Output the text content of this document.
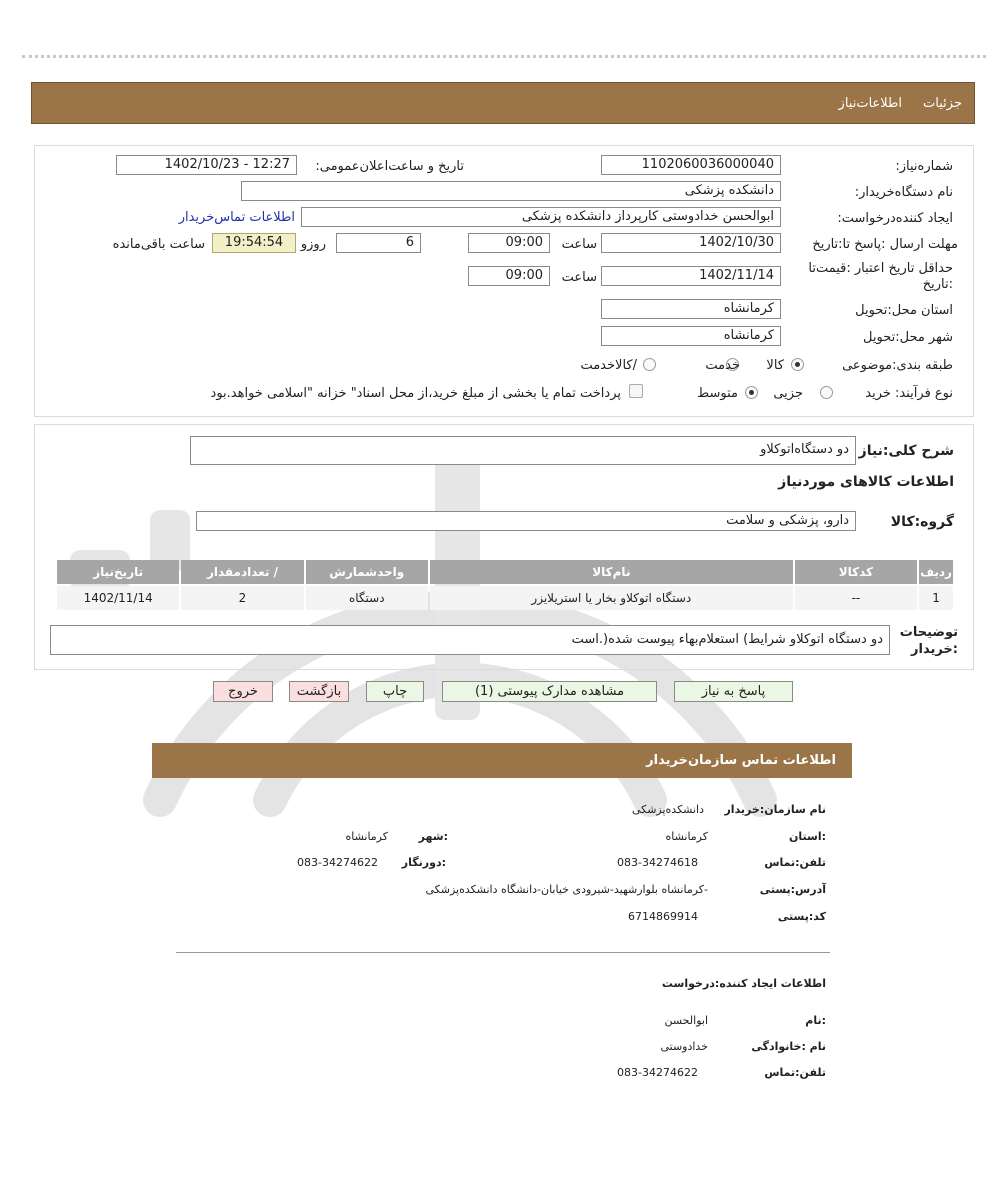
جزئیات
اطلاعات‌نیاز
شماره‌نیاز:
1102060036000040
تاریخ و ساعت‌اعلان‌عمومی:
1402/10/23 - 12:27
نام دستگاه‌خریدار:
دانشکده پزشکی
ایجاد کننده‌درخواست:
ابوالحسن خدادوستی کارپرداز دانشکده پزشکی
اطلاعات تماس‌خریدار
مهلت ارسال :پاسخ تا:تاریخ
1402/10/30
ساعت
09:00
6
روزو
19:54:54
ساعت باقی‌مانده
حداقل تاریخ اعتبار :قیمت‌تا :تاریخ
1402/11/14
ساعت
09:00
استان محل:تحویل
کرمانشاه
شهر محل:تحویل
کرمانشاه
طبقه بندی:موضوعی
کالا
خدمت
/کالاخدمت
نوع فرآیند: خرید
جزیی
متوسط
پرداخت تمام یا بخشی از مبلغ خرید،از محل اسناد" خزانه "اسلامی خواهد.بود
شرح کلی:نیاز
دو دستگاه‌اتوکلاو
اطلاعات کالاهای موردنیاز
گروه:کالا
دارو، پزشکی و سلامت
ردیف	کدکالا	نام‌کالا	واحدشمارش	/ تعدادمقدار	تاریخ‌نیاز
1	--	دستگاه اتوکلاو بخار یا استریلایزر	دستگاه	2	1402/11/14
توضیحات :خریدار
دو دستگاه اتوکلاو شرایط) استعلام‌بهاء پیوست شده(.است
پاسخ به نیاز
مشاهده مدارک پیوستی (1)
چاپ
بازگشت
خروج
اطلاعات تماس سازمان‌خریدار
نام سازمان:خریدار
دانشکده‌پزشکی
:استان
کرمانشاه
:شهر
کرمانشاه
تلفن:تماس
083-34274618
:دورنگار
083-34274622
آدرس:پستی
-کرمانشاه بلوارشهید-شیرودی خیابان-دانشگاه دانشکده‌پزشکی
کد:پستی
6714869914
اطلاعات ایجاد کننده:درخواست
:نام
ابوالحسن
نام :خانوادگی
خدادوستی
تلفن:تماس
083-34274622
